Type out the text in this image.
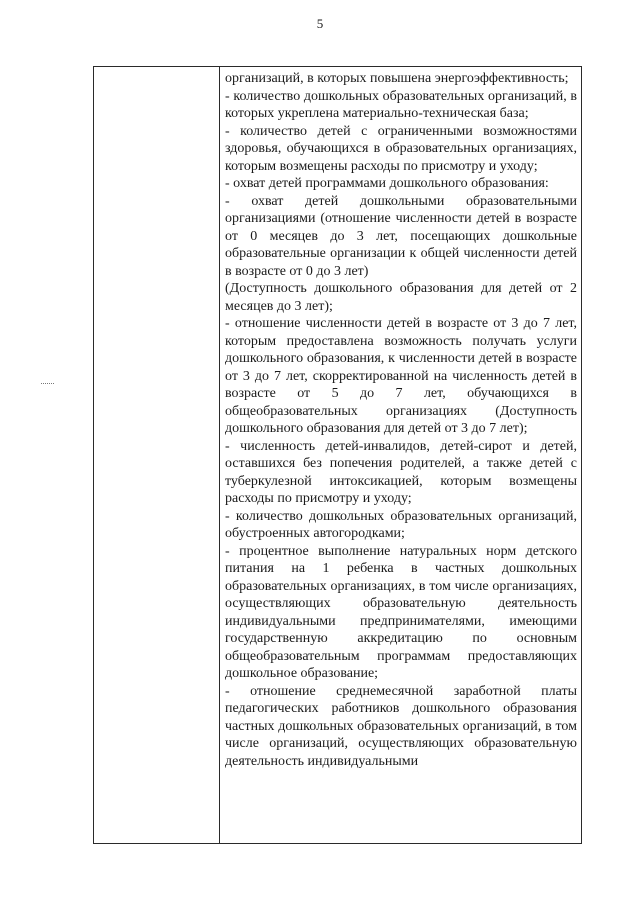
5

организаций, в которых повышена энергоэффективность;

- количество дошкольных образовательных организаций, в которых укреплена материально-техническая база;

- количество детей с ограниченными возможностями здоровья, обучающихся в образовательных организациях, которым возмещены расходы по присмотру и уходу;

- охват детей программами дошкольного образования:

- охват детей дошкольными образовательными организациями (отношение численности детей в возрасте от 0 месяцев до 3 лет, посещающих дошкольные образовательные организации к общей численности детей в возрасте от 0 до 3 лет)

(Доступность дошкольного образования для детей от 2 месяцев до 3 лет);

- отношение численности детей в возрасте от 3 до 7 лет, которым предоставлена возможность получать услуги дошкольного образования, к численности детей в возрасте от 3 до 7 лет, скорректированной на численность детей в возрасте от 5 до 7 лет, обучающихся в общеобразовательных организациях (Доступность дошкольного образования для детей от 3 до 7 лет);

- численность детей-инвалидов, детей-сирот и детей, оставшихся без попечения родителей, а также детей с туберкулезной интоксикацией, которым возмещены расходы по присмотру и уходу;

- количество дошкольных образовательных организаций, обустроенных автогородками;

- процентное выполнение натуральных норм детского питания на 1 ребенка в частных дошкольных образовательных организациях, в том числе организациях, осуществляющих образовательную деятельность индивидуальными предпринимателями, имеющими государственную аккредитацию по основным общеобразовательным программам предоставляющих дошкольное образование;

- отношение среднемесячной заработной платы педагогических работников дошкольного образования частных дошкольных образовательных организаций, в том числе организаций, осуществляющих образовательную деятельность индивидуальными
